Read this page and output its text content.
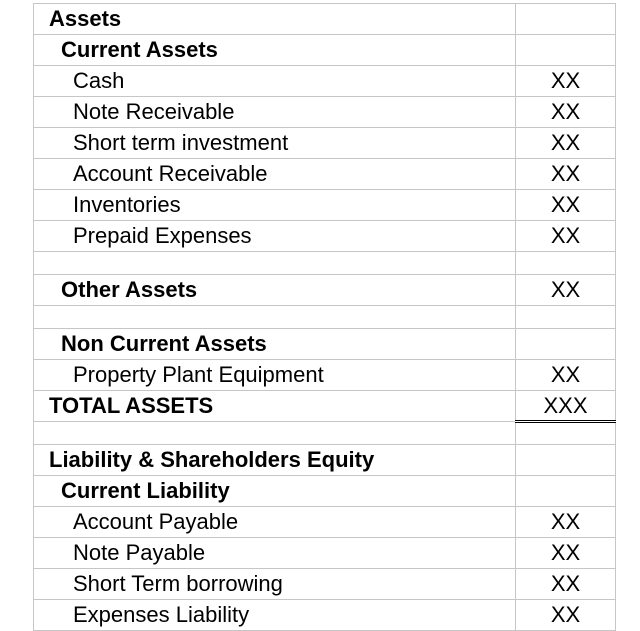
Assets	
Current Assets	
Cash	XX
Note Receivable	XX
Short term investment	XX
Account Receivable	XX
Inventories	XX
Prepaid Expenses	XX

Other Assets	XX

Non Current Assets	
Property Plant Equipment	XX
TOTAL ASSETS	XXX

Liability & Shareholders Equity	
Current Liability	
Account Payable	XX
Note Payable	XX
Short Term borrowing	XX
Expenses Liability	XX
